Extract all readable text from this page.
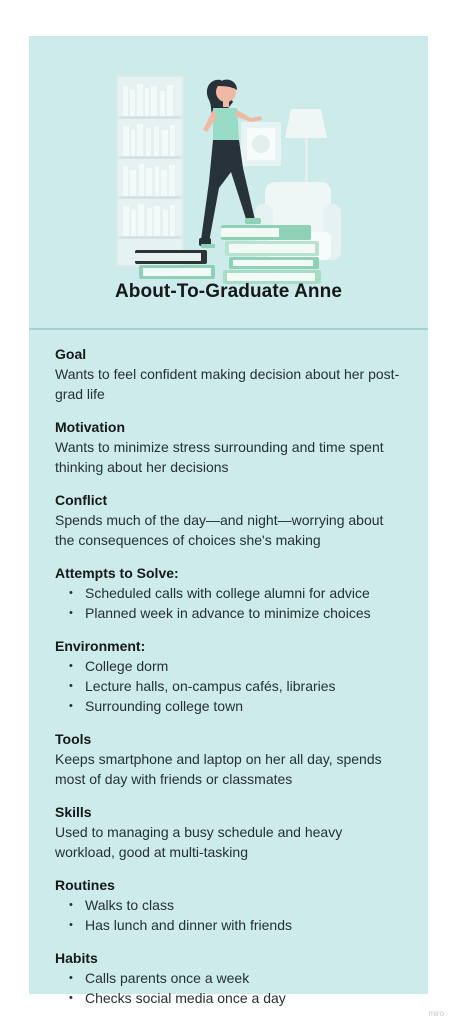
About-To-Graduate Anne
Goal
Wants to feel confident making decision about her post-grad life
Motivation
Wants to minimize stress surrounding and time spent thinking about her decisions
Conflict
Spends much of the day—and night—worrying about the consequences of choices she's making
Attempts to Solve:
• Scheduled calls with college alumni for advice
• Planned week in advance to minimize choices
Environment:
• College dorm
• Lecture halls, on-campus cafés, libraries
• Surrounding college town
Tools
Keeps smartphone and laptop on her all day, spends most of day with friends or classmates
Skills
Used to managing a busy schedule and heavy workload, good at multi-tasking
Routines
• Walks to class
• Has lunch and dinner with friends
Habits
• Calls parents once a week
• Checks social media once a day
miro
